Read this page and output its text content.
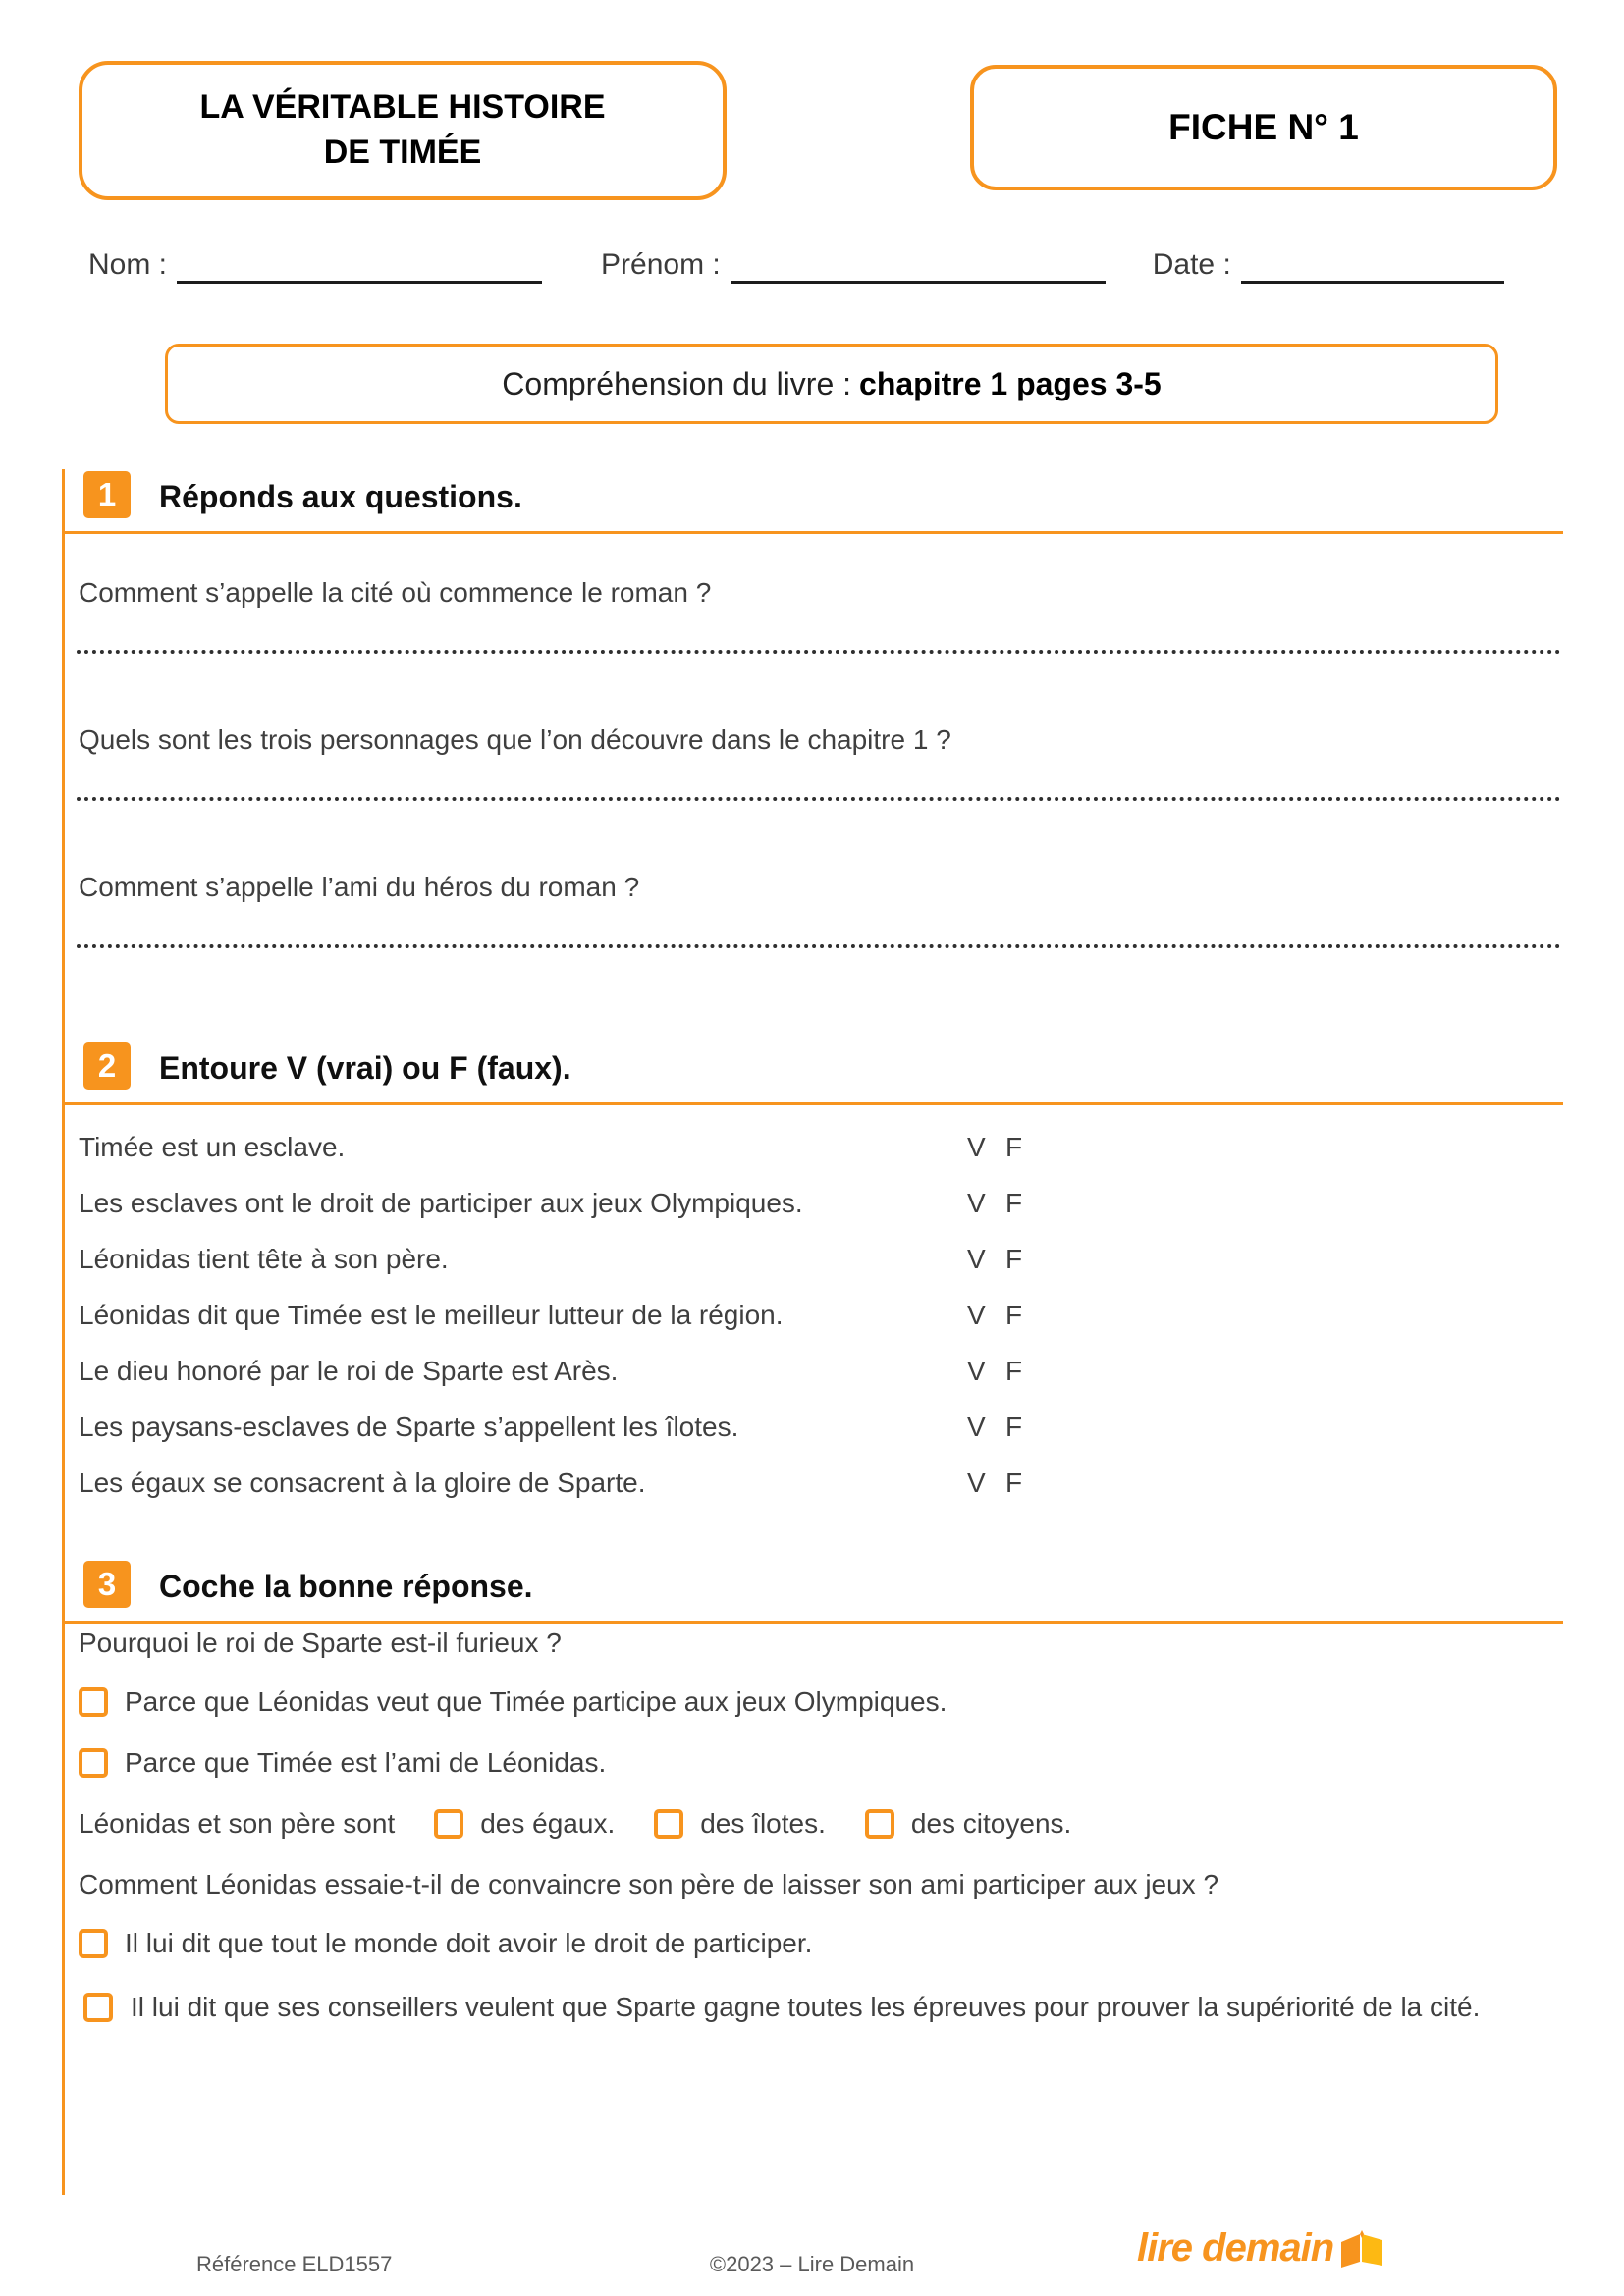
LA VÉRITABLE HISTOIRE
DE TIMÉE
FICHE N° 1
Nom :	Prénom :	Date :
Compréhension du livre : chapitre 1 pages 3-5
1	Réponds aux questions.
Comment s’appelle la cité où commence le roman ?
Quels sont les trois personnages que l’on découvre dans le chapitre 1 ?
Comment s’appelle l’ami du héros du roman ?
2	Entoure V (vrai) ou F (faux).
Timée est un esclave.	V F
Les esclaves ont le droit de participer aux jeux Olympiques.	V F
Léonidas tient tête à son père.	V F
Léonidas dit que Timée est le meilleur lutteur de la région.	V F
Le dieu honoré par le roi de Sparte est Arès.	V F
Les paysans-esclaves de Sparte s’appellent les îlotes.	V F
Les égaux se consacrent à la gloire de Sparte.	V F
3	Coche la bonne réponse.
Pourquoi le roi de Sparte est-il furieux ?
Parce que Léonidas veut que Timée participe aux jeux Olympiques.
Parce que Timée est l’ami de Léonidas.
Léonidas et son père sont	des égaux.	des îlotes.	des citoyens.
Comment Léonidas essaie-t-il de convaincre son père de laisser son ami participer aux jeux ?
Il lui dit que tout le monde doit avoir le droit de participer.
Il lui dit que ses conseillers veulent que Sparte gagne toutes les épreuves pour prouver la supériorité de la cité.
Référence ELD1557	©2023 – Lire Demain	lire demain
